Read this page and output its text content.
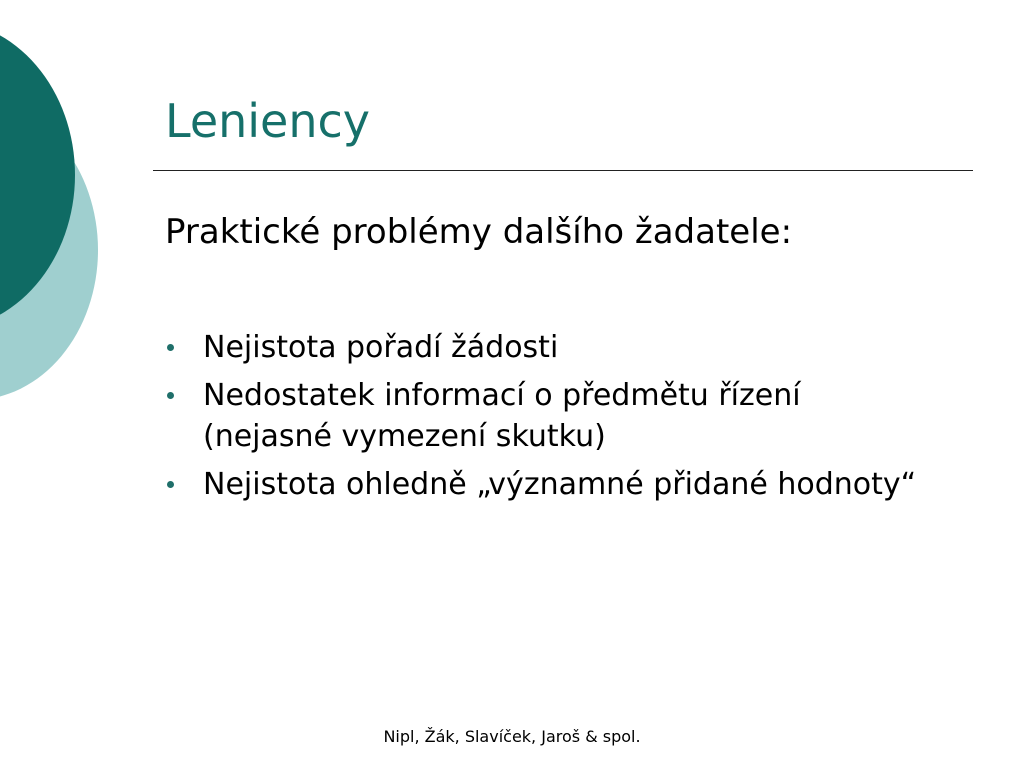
Leniency

Praktické problémy dalšího žadatele:

Nejistota pořadí žádosti
Nedostatek informací o předmětu řízení (nejasné vymezení skutku)
Nejistota ohledně „významné přidané hodnoty“
Nipl, Žák, Slavíček, Jaroš & spol.
